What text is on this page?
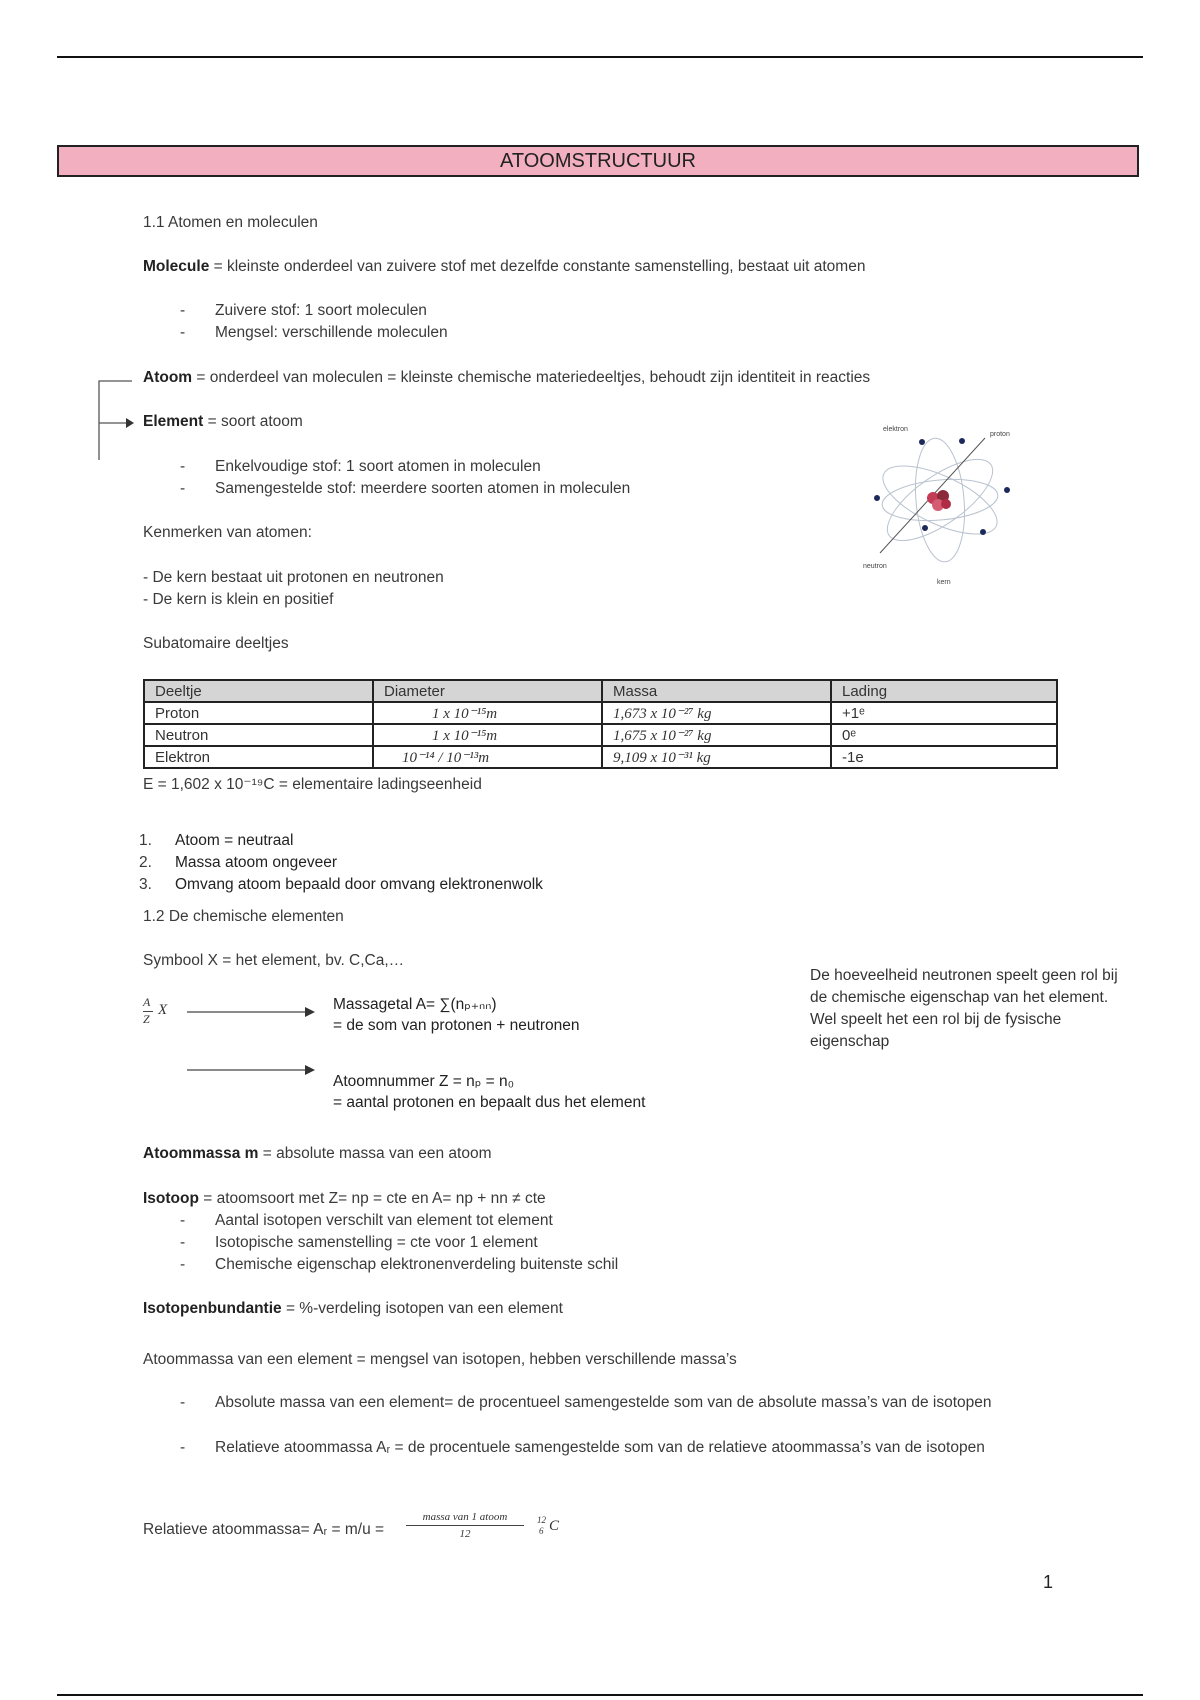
ATOOMSTRUCTUUR
1.1 Atomen en moleculen
Molecule = kleinste onderdeel van zuivere stof met dezelfde constante samenstelling, bestaat uit atomen
- Zuivere stof: 1 soort moleculen
- Mengsel: verschillende moleculen
Atoom = onderdeel van moleculen = kleinste chemische materiedeeltjes, behoudt zijn identiteit in reacties
Element = soort atoom
- Enkelvoudige stof: 1 soort atomen in moleculen
- Samengestelde stof: meerdere soorten atomen in moleculen
Kenmerken van atomen:
- De kern bestaat uit protonen en neutronen
- De kern is klein en positief
elektron
proton
neutron
kern
Subatomaire deeltjes
Deeltje	Diameter	Massa	Lading
Proton	1 x 10⁻¹⁵m	1,673 x 10⁻²⁷ kg	+1ᵉ
Neutron	1 x 10⁻¹⁵m	1,675 x 10⁻²⁷ kg	0ᵉ
Elektron	10⁻¹⁴ / 10⁻¹³m	9,109 x 10⁻³¹ kg	-1e
E = 1,602 x 10⁻¹⁹C = elementaire ladingseenheid
1. Atoom = neutraal
2. Massa atoom ongeveer
3. Omvang atoom bepaald door omvang elektronenwolk
1.2 De chemische elementen
Symbool X = het element, bv. C,Ca,…
A
Z
X	Massagetal A= ∑(nₚ₊ₙₙ)
= de som van protonen + neutronen
Atoomnummer Z = nₚ = n₀
= aantal protonen en bepaalt dus het element
De hoeveelheid neutronen speelt geen rol bij de chemische eigenschap van het element. Wel speelt het een rol bij de fysische eigenschap
Atoommassa m = absolute massa van een atoom
Isotoop = atoomsoort met Z= np = cte en A= np + nn ≠ cte
- Aantal isotopen verschilt van element tot element
- Isotopische samenstelling = cte voor 1 element
- Chemische eigenschap elektronenverdeling buitenste schil
Isotopenbundantie = %-verdeling isotopen van een element
Atoommassa van een element = mengsel van isotopen, hebben verschillende massa’s
- Absolute massa van een element= de procentueel samengestelde som van de absolute massa’s van de isotopen
- Relatieve atoommassa Aᵣ = de procentuele samengestelde som van de relatieve atoommassa’s van de isotopen
Relatieve atoommassa= Aᵣ = m/u =
massa van 1 atoom
12
12
6 C
1
